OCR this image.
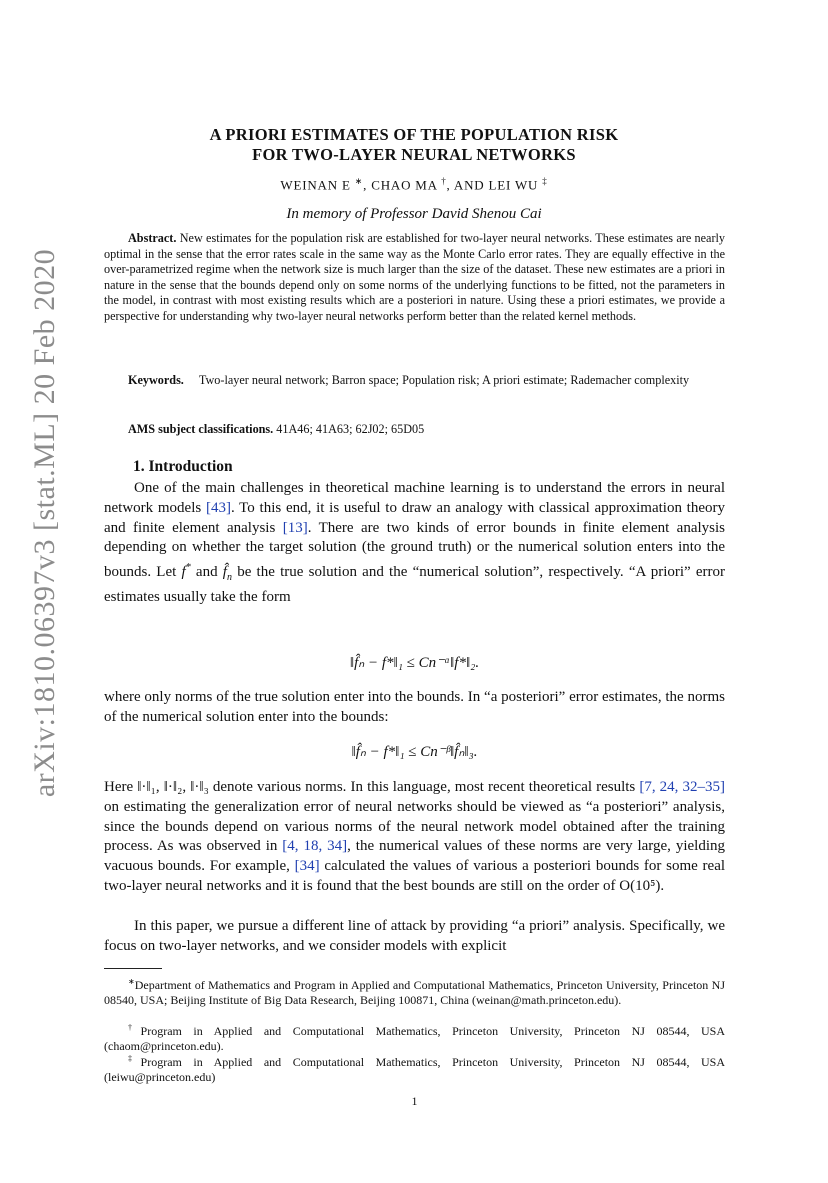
arXiv:1810.06397v3 [stat.ML] 20 Feb 2020
A PRIORI ESTIMATES OF THE POPULATION RISK
FOR TWO-LAYER NEURAL NETWORKS
WEINAN E ∗, CHAO MA †, AND LEI WU ‡
In memory of Professor David Shenou Cai
Abstract. New estimates for the population risk are established for two-layer neural networks. These estimates are nearly optimal in the sense that the error rates scale in the same way as the Monte Carlo error rates. They are equally effective in the over-parametrized regime when the network size is much larger than the size of the dataset. These new estimates are a priori in nature in the sense that the bounds depend only on some norms of the underlying functions to be fitted, not the parameters in the model, in contrast with most existing results which are a posteriori in nature. Using these a priori estimates, we provide a perspective for understanding why two-layer neural networks perform better than the related kernel methods.
Keywords. Two-layer neural network; Barron space; Population risk; A priori estimate; Rademacher complexity
AMS subject classifications. 41A46; 41A63; 62J02; 65D05
1. Introduction
One of the main challenges in theoretical machine learning is to understand the errors in neural network models [43]. To this end, it is useful to draw an analogy with classical approximation theory and finite element analysis [13]. There are two kinds of error bounds in finite element analysis depending on whether the target solution (the ground truth) or the numerical solution enters into the bounds. Let f* and $f̂_n$ be the true solution and the “numerical solution”, respectively. “A priori” error estimates usually take the form
‖f̂ₙ − f*‖₁ ≤ Cn⁻ᵅ‖f*‖₂.
where only norms of the true solution enter into the bounds. In “a posteriori” error estimates, the norms of the numerical solution enter into the bounds:
‖f̂ₙ − f*‖₁ ≤ Cn⁻ᵝ‖f̂ₙ‖₃.
Here ‖·‖₁, ‖·‖₂, ‖·‖₃ denote various norms. In this language, most recent theoretical results [7, 24, 32–35] on estimating the generalization error of neural networks should be viewed as “a posteriori” analysis, since the bounds depend on various norms of the neural network model obtained after the training process. As was observed in [4, 18, 34], the numerical values of these norms are very large, yielding vacuous bounds. For example, [34] calculated the values of various a posteriori bounds for some real two-layer neural networks and it is found that the best bounds are still on the order of O(10⁵).
In this paper, we pursue a different line of attack by providing “a priori” analysis. Specifically, we focus on two-layer networks, and we consider models with explicit
∗Department of Mathematics and Program in Applied and Computational Mathematics, Princeton University, Princeton NJ 08540, USA; Beijing Institute of Big Data Research, Beijing 100871, China (weinan@math.princeton.edu).
†Program in Applied and Computational Mathematics, Princeton University, Princeton NJ 08544, USA (chaom@princeton.edu).
‡Program in Applied and Computational Mathematics, Princeton University, Princeton NJ 08544, USA (leiwu@princeton.edu)
1
